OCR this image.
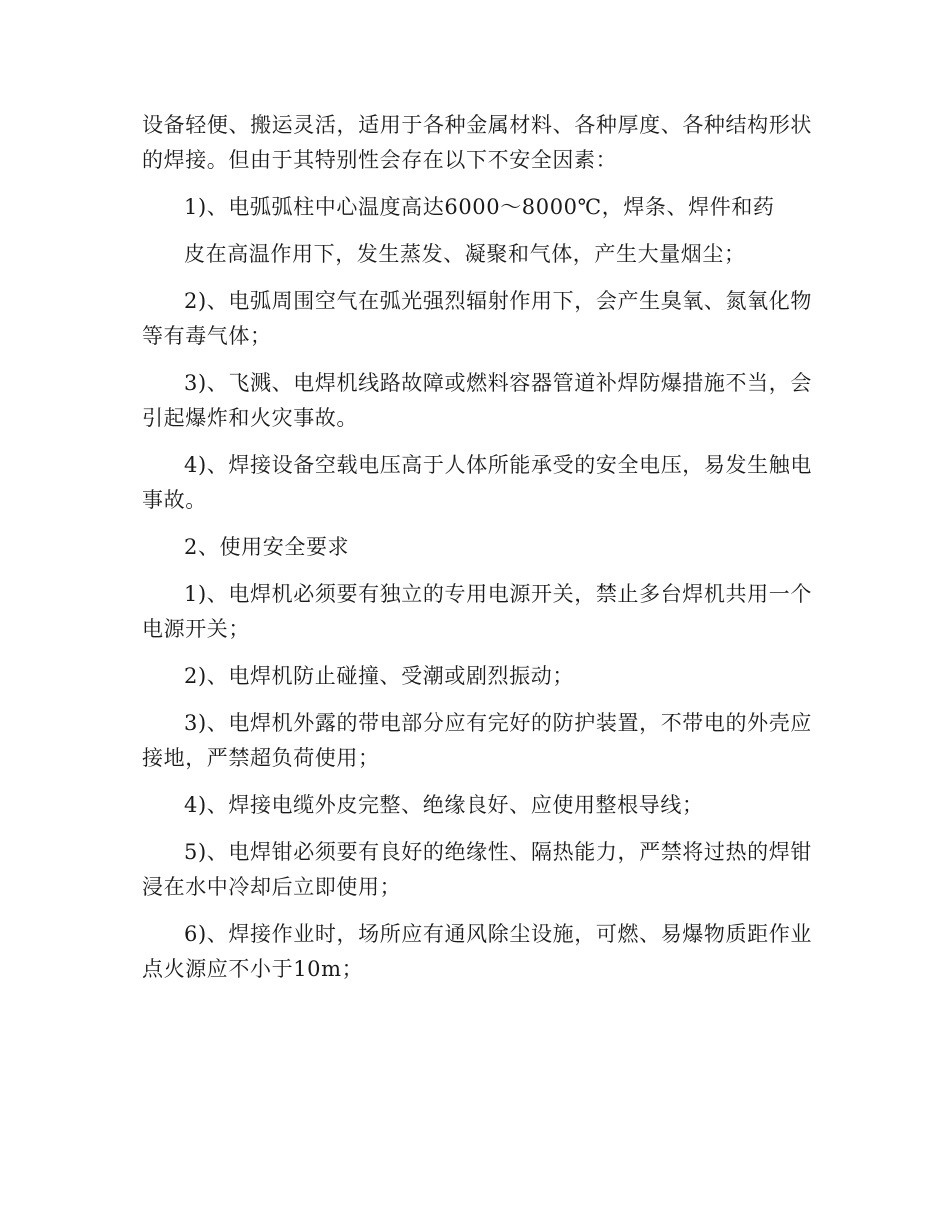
设备轻便、搬运灵活，适用于各种金属材料、各种厚度、各种结构形状的焊接。但由于其特别性会存在以下不安全因素：

1)、电弧弧柱中心温度高达6000～8000℃，焊条、焊件和药

皮在高温作用下，发生蒸发、凝聚和气体，产生大量烟尘；

2)、电弧周围空气在弧光强烈辐射作用下，会产生臭氧、氮氧化物等有毒气体；

3)、飞溅、电焊机线路故障或燃料容器管道补焊防爆措施不当，会引起爆炸和火灾事故。

4)、焊接设备空载电压高于人体所能承受的安全电压，易发生触电事故。

2、使用安全要求

1)、电焊机必须要有独立的专用电源开关，禁止多台焊机共用一个电源开关；

2)、电焊机防止碰撞、受潮或剧烈振动；

3)、电焊机外露的带电部分应有完好的防护装置，不带电的外壳应接地，严禁超负荷使用；

4)、焊接电缆外皮完整、绝缘良好、应使用整根导线；

5)、电焊钳必须要有良好的绝缘性、隔热能力，严禁将过热的焊钳浸在水中冷却后立即使用；

6)、焊接作业时，场所应有通风除尘设施，可燃、易爆物质距作业点火源应不小于10m；
